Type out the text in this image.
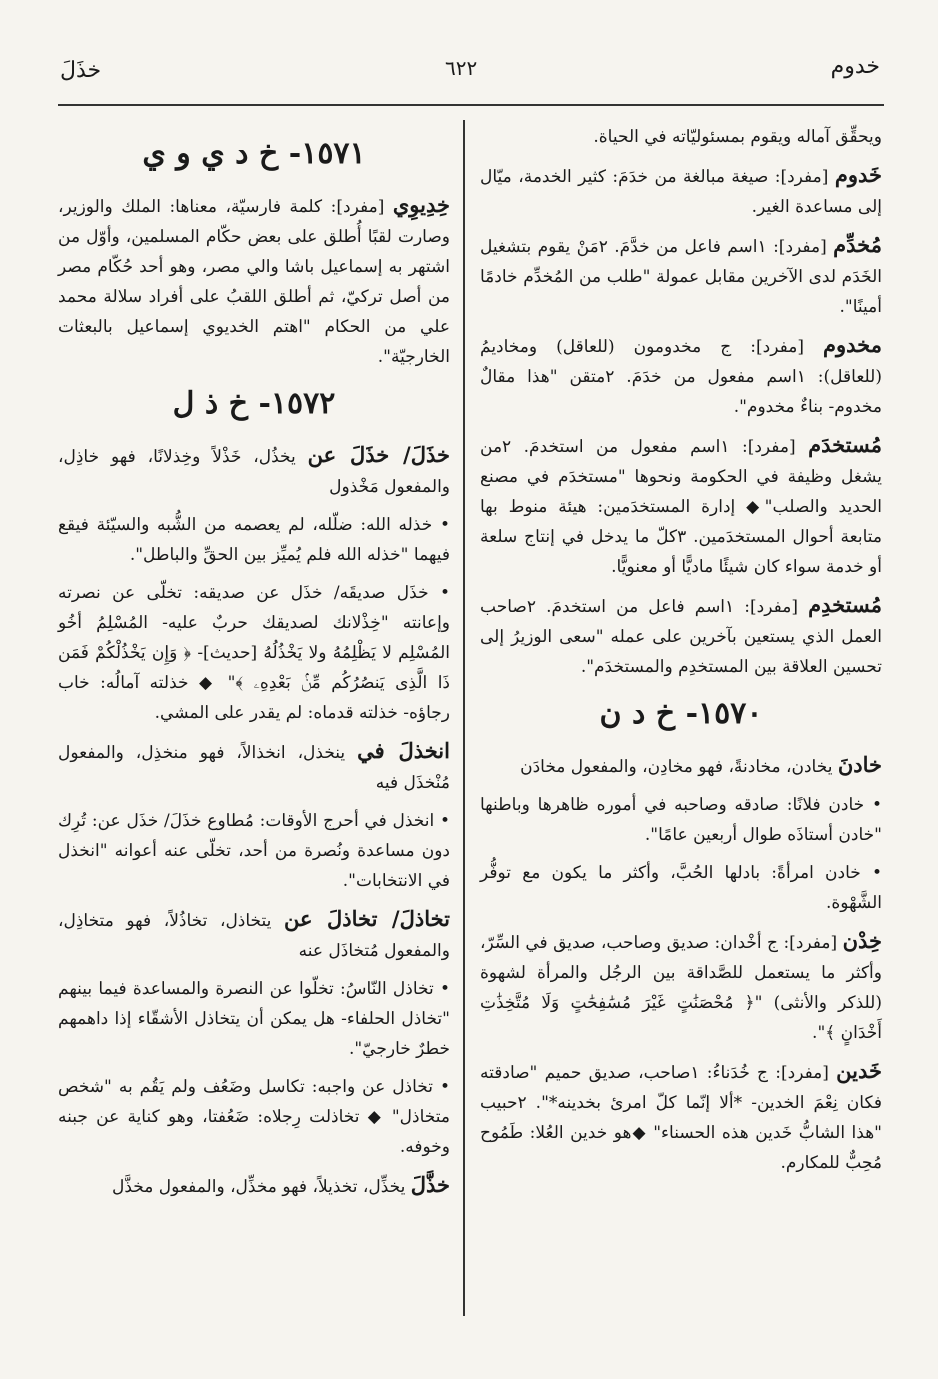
خدوم
٦٢٢
خذَلَ

ويحقِّق آماله ويقوم بمسئوليّاته في الحياة.

خَدوم [مفرد]: صيغة مبالغة من خدَمَ: كثير الخدمة، ميّال إلى مساعدة الغير.

مُخدِّم [مفرد]: ١اسم فاعل من خدَّمَ. ٢مَنْ يقوم بتشغيل الخَدَم لدى الآخرين مقابل عمولة "طلب من المُخدِّم خادمًا أمينًا".

مخدوم [مفرد]: ج مخدومون (للعاقل) ومخاديمُ (للعاقل): ١اسم مفعول من خدَمَ. ٢متقن "هذا مقالٌ مخدوم- بناءٌ مخدوم".

مُستخدَم [مفرد]: ١اسم مفعول من استخدمَ. ٢من يشغل وظيفة في الحكومة ونحوها "مستخدَم في مصنع الحديد والصلب"◆ إدارة المستخدَمين: هيئة منوط بها متابعة أحوال المستخدَمين. ٣كلّ ما يدخل في إنتاج سلعة أو خدمة سواء كان شيئًا ماديًّا أو معنويًّا.

مُستخدِم [مفرد]: ١اسم فاعل من استخدمَ. ٢صاحب العمل الذي يستعين بآخرين على عمله "سعى الوزيرُ إلى تحسين العلاقة بين المستخدِم والمستخدَم".

١٥٧٠- خ د ن

خادنَ يخادن، مخادنةً، فهو مخادِن، والمفعول مخادَن

• خادن فلانًا: صادقه وصاحبه في أموره ظاهرها وباطنها "خادن أستاذَه طوال أربعين عامًا".

• خادن امرأةً: بادلها الحُبَّ، وأكثر ما يكون مع توفُّر الشَّهْوة.

خِدْن [مفرد]: ج أخْدان: صديق وصاحب، صديق في السِّرّ، وأكثر ما يستعمل للصَّداقة بين الرجُل والمرأة لشهوة (للذكر والأنثى) "﴿ مُحْصَنَٰتٍ غَيْرَ مُسَٰفِحَٰتٍ وَلَا مُتَّخِذَٰتِ أَخْدَانٍ ﴾".

خَدين [مفرد]: ج خُدَناءُ: ١صاحب، صديق حميم "صادقته فكان نِعْمَ الخدين- *ألا إنّما كلّ امرئ بخدينه*". ٢حبيب "هذا الشابُّ خَدين هذه الحسناء" ◆هو خدين العُلا: طَمُوح مُحِبٌّ للمكارم.

١٥٧١- خ د ي و ي

خِدِيوِي [مفرد]: كلمة فارسيّة، معناها: الملك والوزير، وصارت لقبًا أُطلق على بعض حكّام المسلمين، وأوّل من اشتهر به إسماعيل باشا والي مصر، وهو أحد حُكّام مصر من أصل تركيّ، ثم أطلق اللقبُ على أفراد سلالة محمد علي من الحكام "اهتم الخديوي إسماعيل بالبعثات الخارجيّة".

١٥٧٢- خ ذ ل

خذَلَ/ خذَلَ عن يخذُل، خَذْلاً وخِذلانًا، فهو خاذِل، والمفعول مَخْذول

• خذله الله: ضلّله، لم يعصمه من الشُّبه والسيّئة فيقع فيهما "خذله الله فلم يُميِّز بين الحقِّ والباطل".

• خذَل صديقَه/ خذَل عن صديقه: تخلّى عن نصرته وإعانته "خِذْلانك لصديقك حربٌ عليه- المُسْلِمُ أخُو المُسْلِم لا يَظْلِمُهُ ولا يَخْذُلُهُ [حديث]- ﴿ وَإِن يَخْذُلْكُمْ فَمَن ذَا الَّذِى يَنصُرُكُم مِّنۢ بَعْدِهِۦ ﴾" ◆ خذلته آمالُه: خاب رجاؤه- خذلته قدماه: لم يقدر على المشي.

انخذلَ في ينخذل، انخذالاً، فهو منخذِل، والمفعول مُنْخذَل فيه

• انخذل في أحرج الأوقات: مُطاوع خذَلَ/ خذَل عن: تُرِك دون مساعدة ونُصرة من أحد، تخلّى عنه أعوانه "انخذل في الانتخابات".

تخاذلَ/ تخاذلَ عن يتخاذل، تخاذُلاً، فهو متخاذِل، والمفعول مُتخاذَل عنه

• تخاذل النّاسُ: تخلّوا عن النصرة والمساعدة فيما بينهم "تخاذل الحلفاء- هل يمكن أن يتخاذل الأشقّاء إذا داهمهم خطرٌ خارجيّ".

• تخاذل عن واجبه: تكاسل وضَعُف ولم يَقُم به "شخص متخاذل" ◆ تخاذلت رِجلاه: ضَعُفتا، وهو كناية عن جبنه وخوفه.

خذَّلَ يخذِّل، تخذيلاً، فهو مخذِّل، والمفعول مخذَّل
